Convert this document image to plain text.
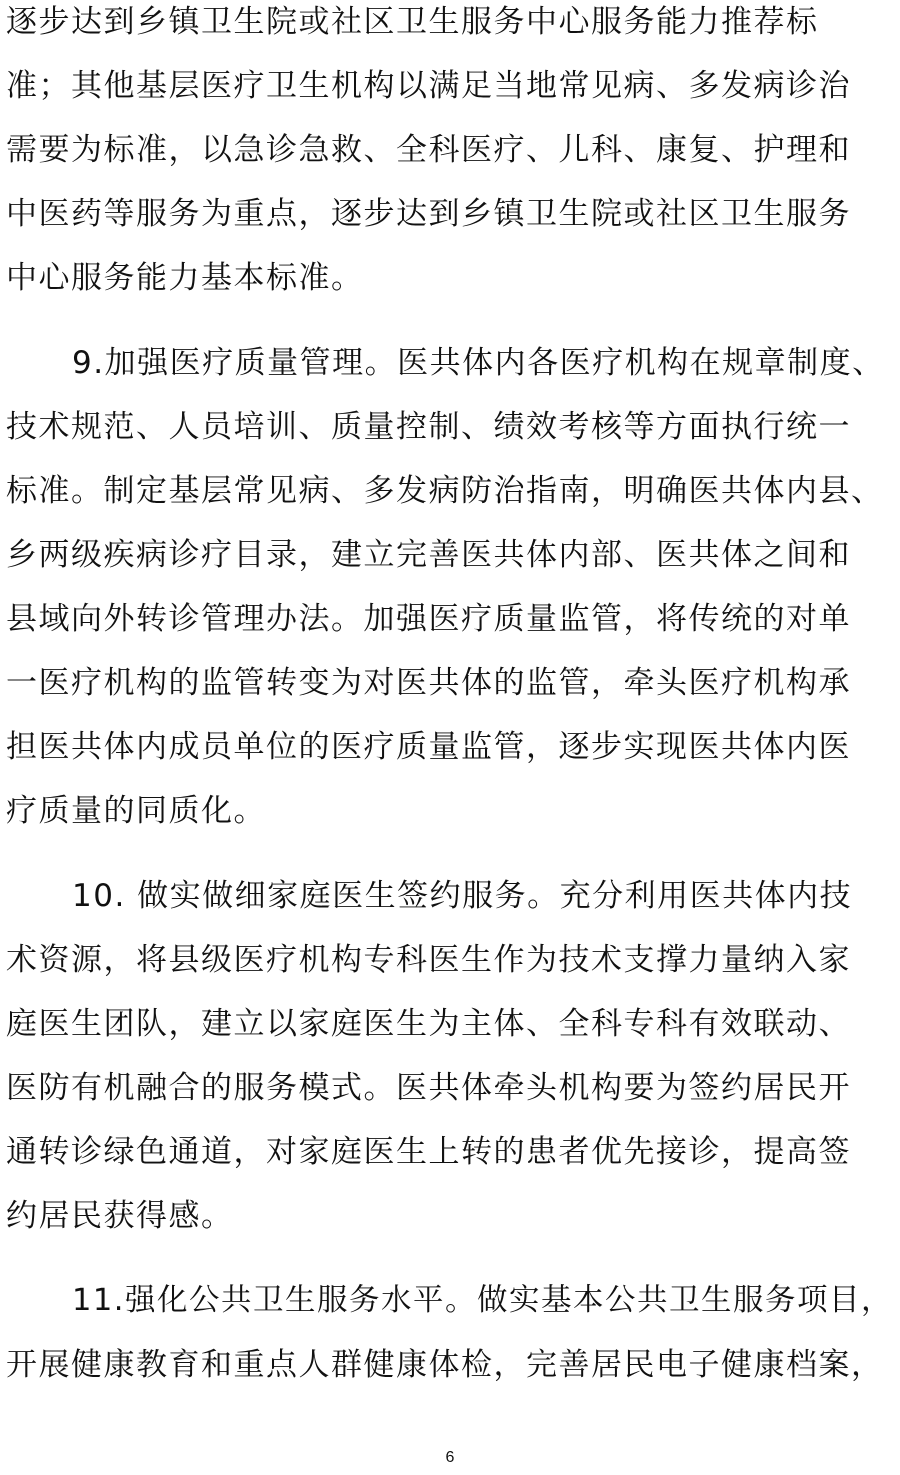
逐步达到乡镇卫生院或社区卫生服务中心服务能力推荐标
准；其他基层医疗卫生机构以满足当地常见病、多发病诊治
需要为标准，以急诊急救、全科医疗、儿科、康复、护理和
中医药等服务为重点，逐步达到乡镇卫生院或社区卫生服务
中心服务能力基本标准。
9.加强医疗质量管理。医共体内各医疗机构在规章制度、
技术规范、人员培训、质量控制、绩效考核等方面执行统一
标准。制定基层常见病、多发病防治指南，明确医共体内县、
乡两级疾病诊疗目录，建立完善医共体内部、医共体之间和
县域向外转诊管理办法。加强医疗质量监管，将传统的对单
一医疗机构的监管转变为对医共体的监管，牵头医疗机构承
担医共体内成员单位的医疗质量监管，逐步实现医共体内医
疗质量的同质化。
10. 做实做细家庭医生签约服务。充分利用医共体内技
术资源，将县级医疗机构专科医生作为技术支撑力量纳入家
庭医生团队，建立以家庭医生为主体、全科专科有效联动、
医防有机融合的服务模式。医共体牵头机构要为签约居民开
通转诊绿色通道，对家庭医生上转的患者优先接诊，提高签
约居民获得感。
11.强化公共卫生服务水平。做实基本公共卫生服务项目，
开展健康教育和重点人群健康体检，完善居民电子健康档案，
6
